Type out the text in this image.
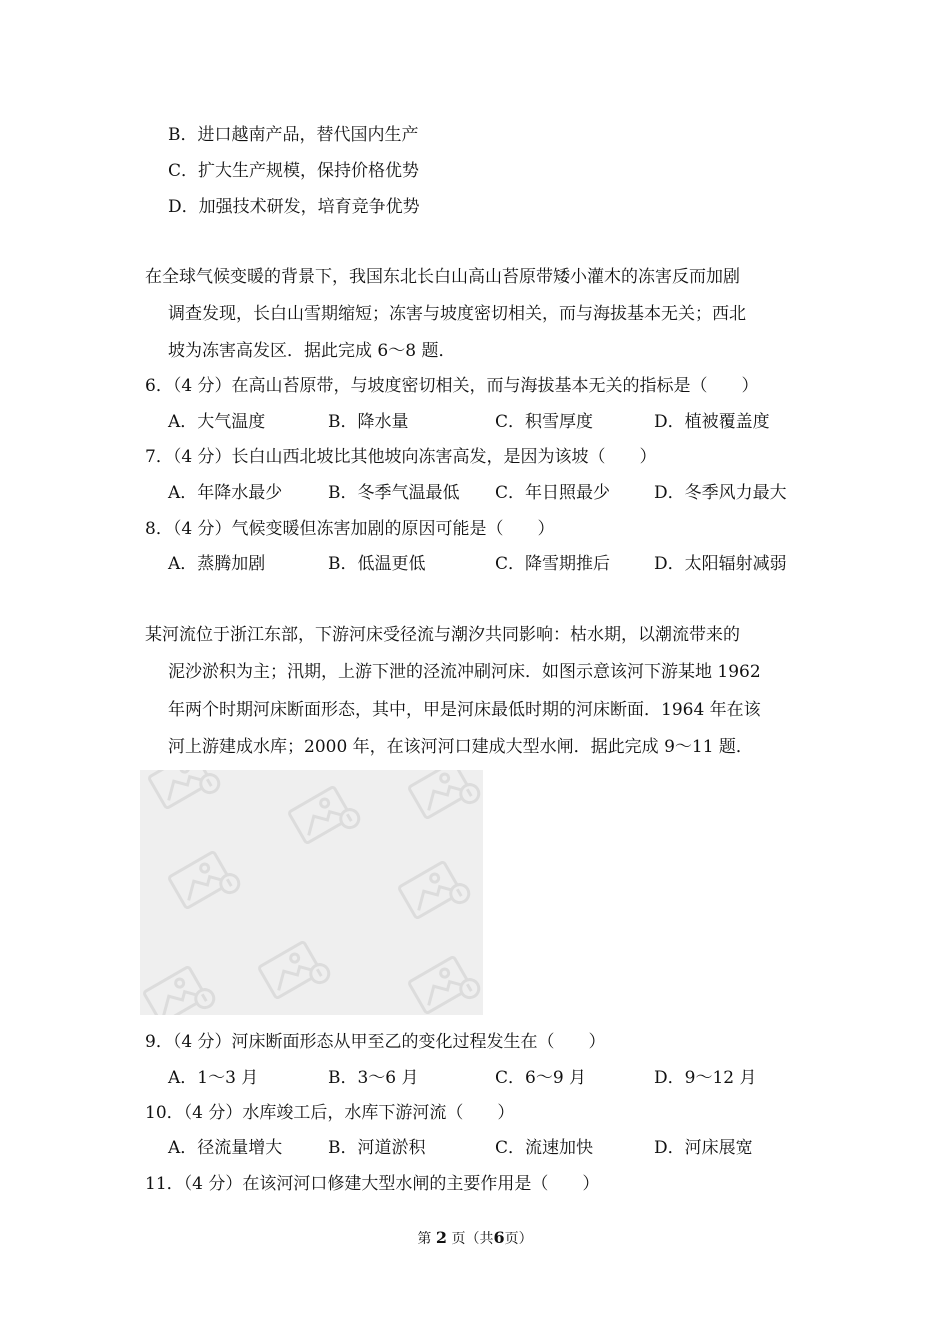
B．进口越南产品，替代国内生产
C．扩大生产规模，保持价格优势
D．加强技术研发，培育竞争优势
在全球气候变暖的背景下，我国东北长白山高山苔原带矮小灌木的冻害反而加剧
调查发现，长白山雪期缩短；冻害与坡度密切相关，而与海拔基本无关；西北
坡为冻害高发区．据此完成 6～8 题．
6．（4 分）在高山苔原带，与坡度密切相关，而与海拔基本无关的指标是（　　）
A．大气温度	B．降水量	C．积雪厚度	D．植被覆盖度
7．（4 分）长白山西北坡比其他坡向冻害高发，是因为该坡（　　）
A．年降水最少	B．冬季气温最低 C．年日照最少	D．冬季风力最大
8．（4 分）气候变暖但冻害加剧的原因可能是（　　）
A．蒸腾加剧	B．低温更低	C．降雪期推后	D．太阳辐射减弱
某河流位于浙江东部，下游河床受径流与潮汐共同影响：枯水期，以潮流带来的
泥沙淤积为主；汛期，上游下泄的泾流冲刷河床．如图示意该河下游某地 1962
年两个时期河床断面形态，其中，甲是河床最低时期的河床断面．1964 年在该
河上游建成水库；2000 年，在该河河口建成大型水闸．据此完成 9～11 题．
9．（4 分）河床断面形态从甲至乙的变化过程发生在（　　）
A．1～3 月	B．3～6 月	C．6～9 月	D．9～12 月
10．（4 分）水库竣工后，水库下游河流（　　）
A．径流量增大	B．河道淤积	C．流速加快	D．河床展宽
11．（4 分）在该河河口修建大型水闸的主要作用是（　　）
第 2 页（共6页）
